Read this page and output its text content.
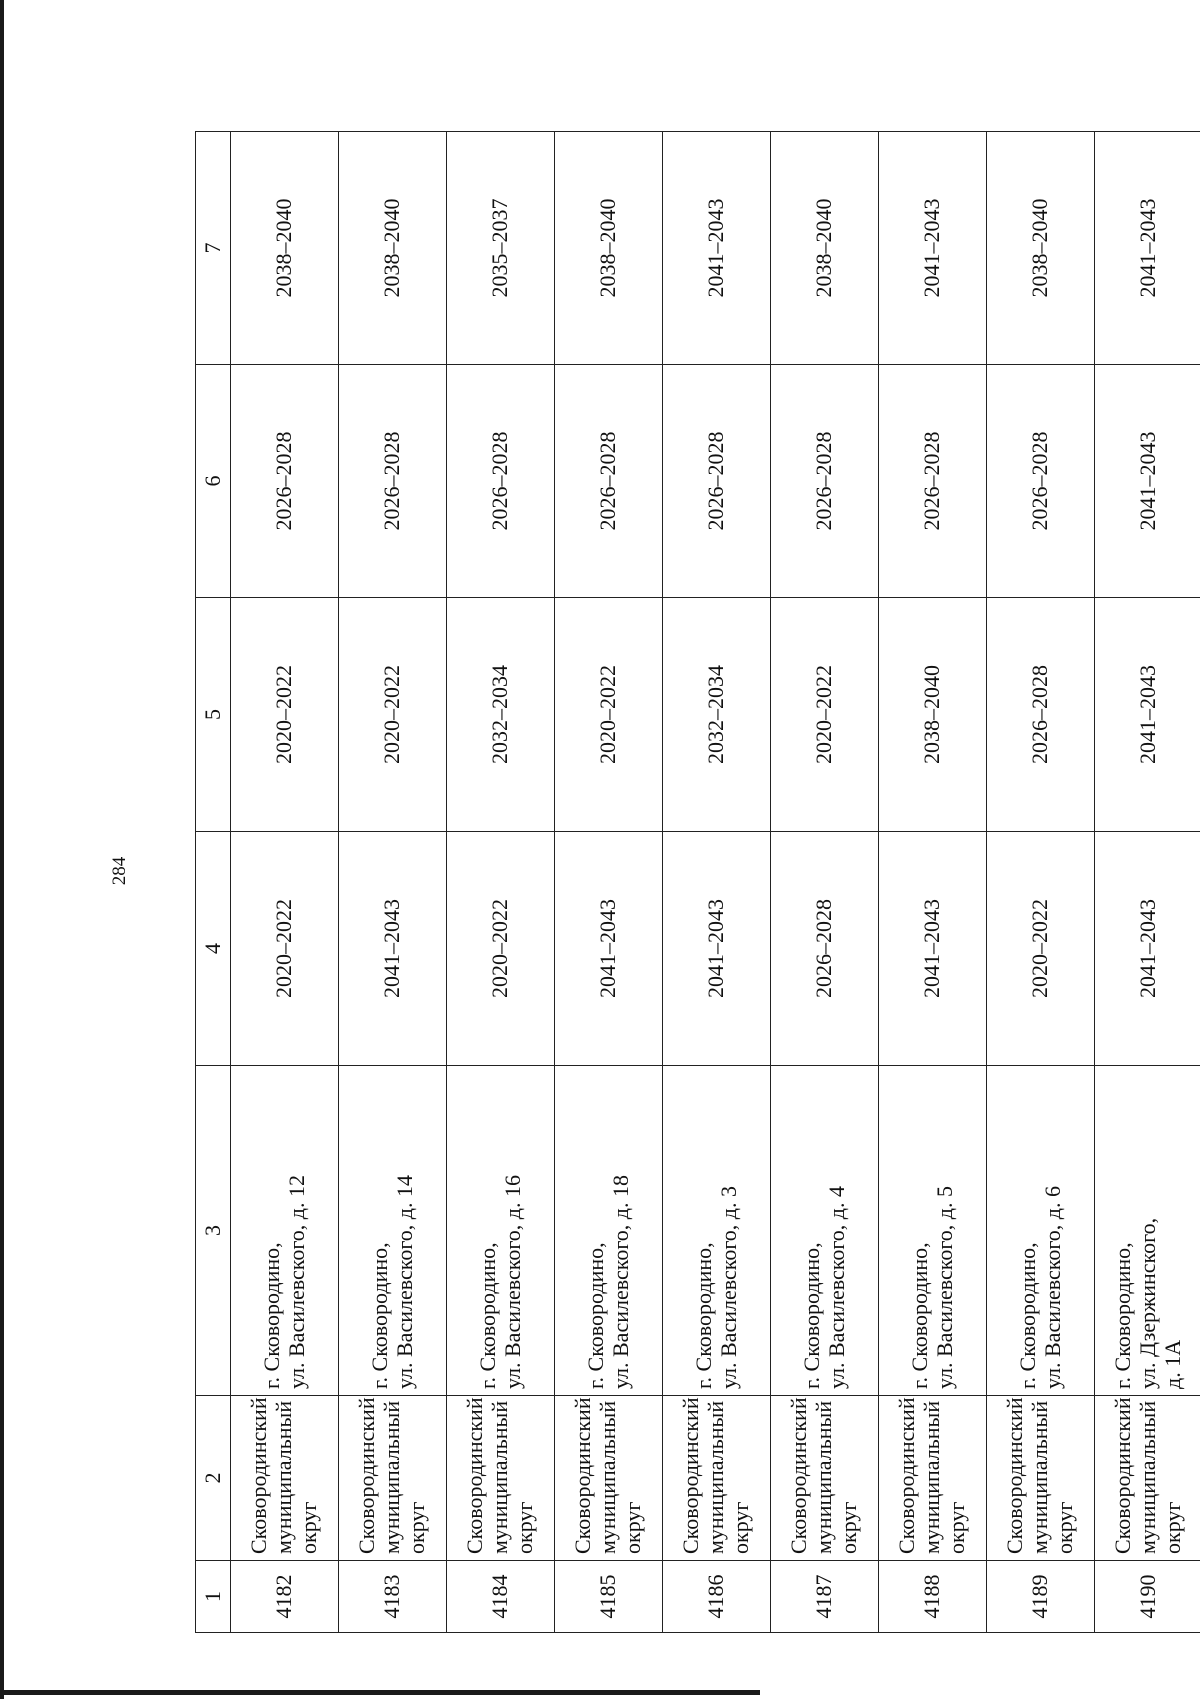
284
1	2	3	4	5	6	7
4182	Сковородинский муниципальный округ	г. Сковородино, ул. Василевского, д. 12	2020–2022	2020–2022	2026–2028	2038–2040
4183	Сковородинский муниципальный округ	г. Сковородино, ул. Василевского, д. 14	2041–2043	2020–2022	2026–2028	2038–2040
4184	Сковородинский муниципальный округ	г. Сковородино, ул. Василевского, д. 16	2020–2022	2032–2034	2026–2028	2035–2037
4185	Сковородинский муниципальный округ	г. Сковородино, ул. Василевского, д. 18	2041–2043	2020–2022	2026–2028	2038–2040
4186	Сковородинский муниципальный округ	г. Сковородино, ул. Василевского, д. 3	2041–2043	2032–2034	2026–2028	2041–2043
4187	Сковородинский муниципальный округ	г. Сковородино, ул. Василевского, д. 4	2026–2028	2020–2022	2026–2028	2038–2040
4188	Сковородинский муниципальный округ	г. Сковородино, ул. Василевского, д. 5	2041–2043	2038–2040	2026–2028	2041–2043
4189	Сковородинский муниципальный округ	г. Сковородино, ул. Василевского, д. 6	2020–2022	2026–2028	2026–2028	2038–2040
4190	Сковородинский муниципальный округ	г. Сковородино, ул. Дзержинского, д. 1А	2041–2043	2041–2043	2041–2043	2041–2043
